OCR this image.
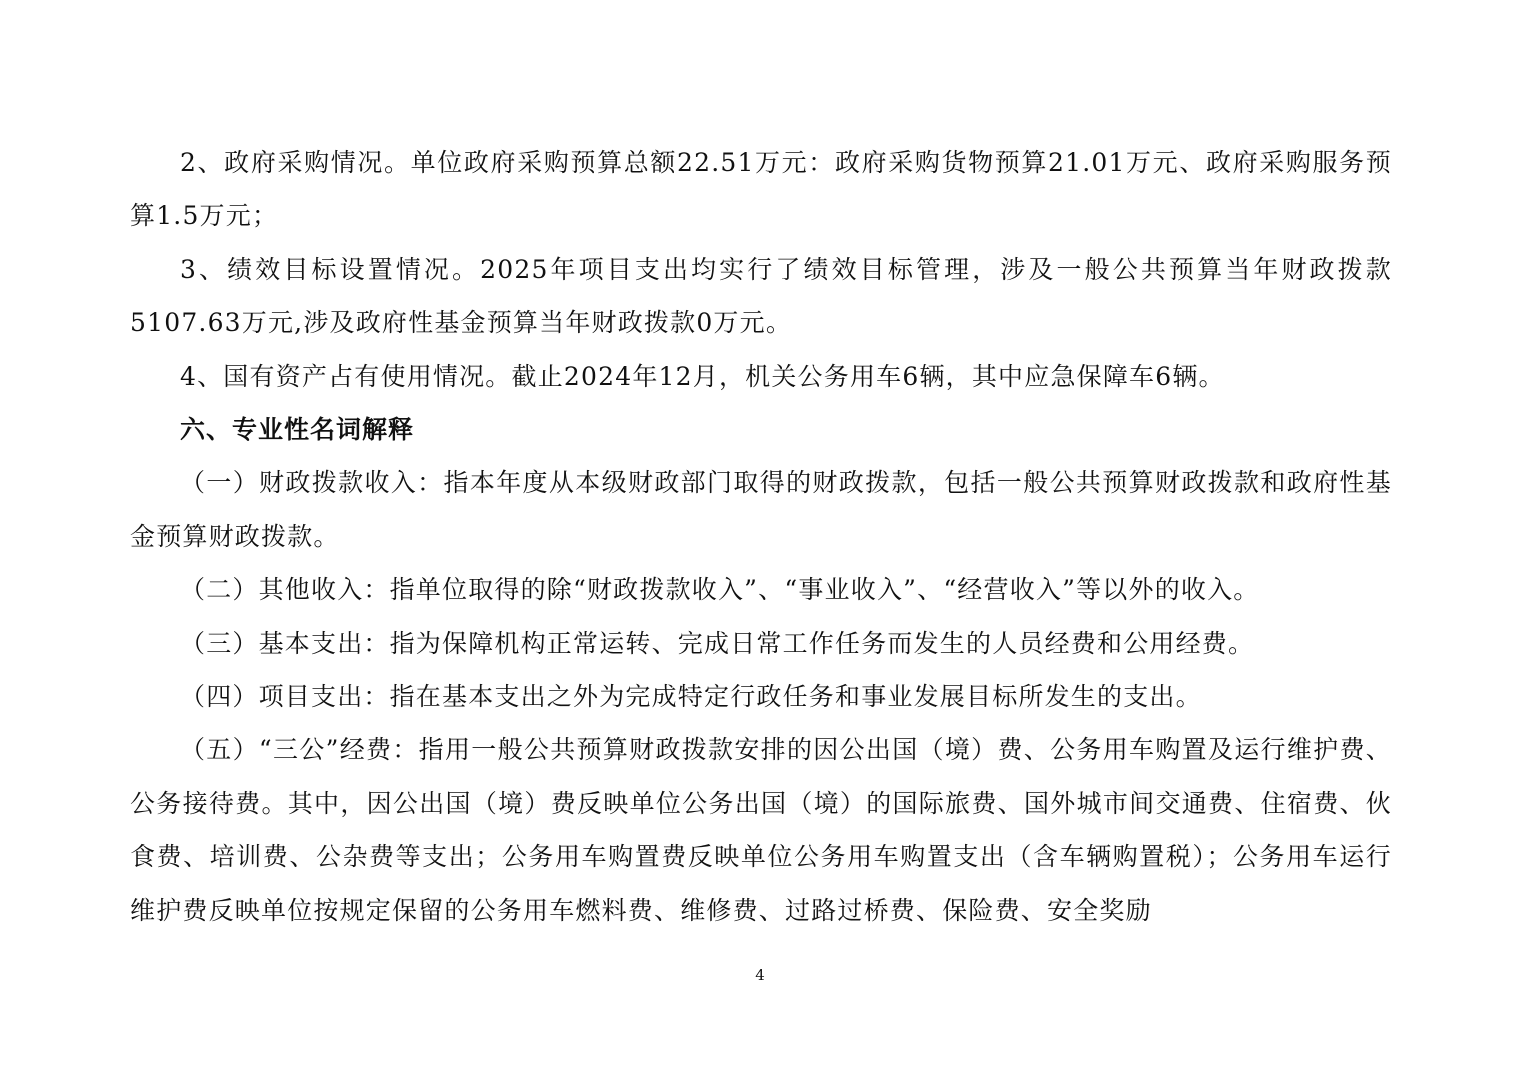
2、政府采购情况。单位政府采购预算总额22.51万元：政府采购货物预算21.01万元、政府采购服务预算1.5万元；

3、绩效目标设置情况。2025年项目支出均实行了绩效目标管理，涉及一般公共预算当年财政拨款5107.63万元,涉及政府性基金预算当年财政拨款0万元。

4、国有资产占有使用情况。截止2024年12月，机关公务用车6辆，其中应急保障车6辆。

六、专业性名词解释

（一）财政拨款收入：指本年度从本级财政部门取得的财政拨款，包括一般公共预算财政拨款和政府性基金预算财政拨款。

（二）其他收入：指单位取得的除“财政拨款收入”、“事业收入”、“经营收入”等以外的收入。

（三）基本支出：指为保障机构正常运转、完成日常工作任务而发生的人员经费和公用经费。

（四）项目支出：指在基本支出之外为完成特定行政任务和事业发展目标所发生的支出。

（五）“三公”经费：指用一般公共预算财政拨款安排的因公出国（境）费、公务用车购置及运行维护费、公务接待费。其中，因公出国（境）费反映单位公务出国（境）的国际旅费、国外城市间交通费、住宿费、伙食费、培训费、公杂费等支出；公务用车购置费反映单位公务用车购置支出（含车辆购置税）；公务用车运行维护费反映单位按规定保留的公务用车燃料费、维修费、过路过桥费、保险费、安全奖励

4
